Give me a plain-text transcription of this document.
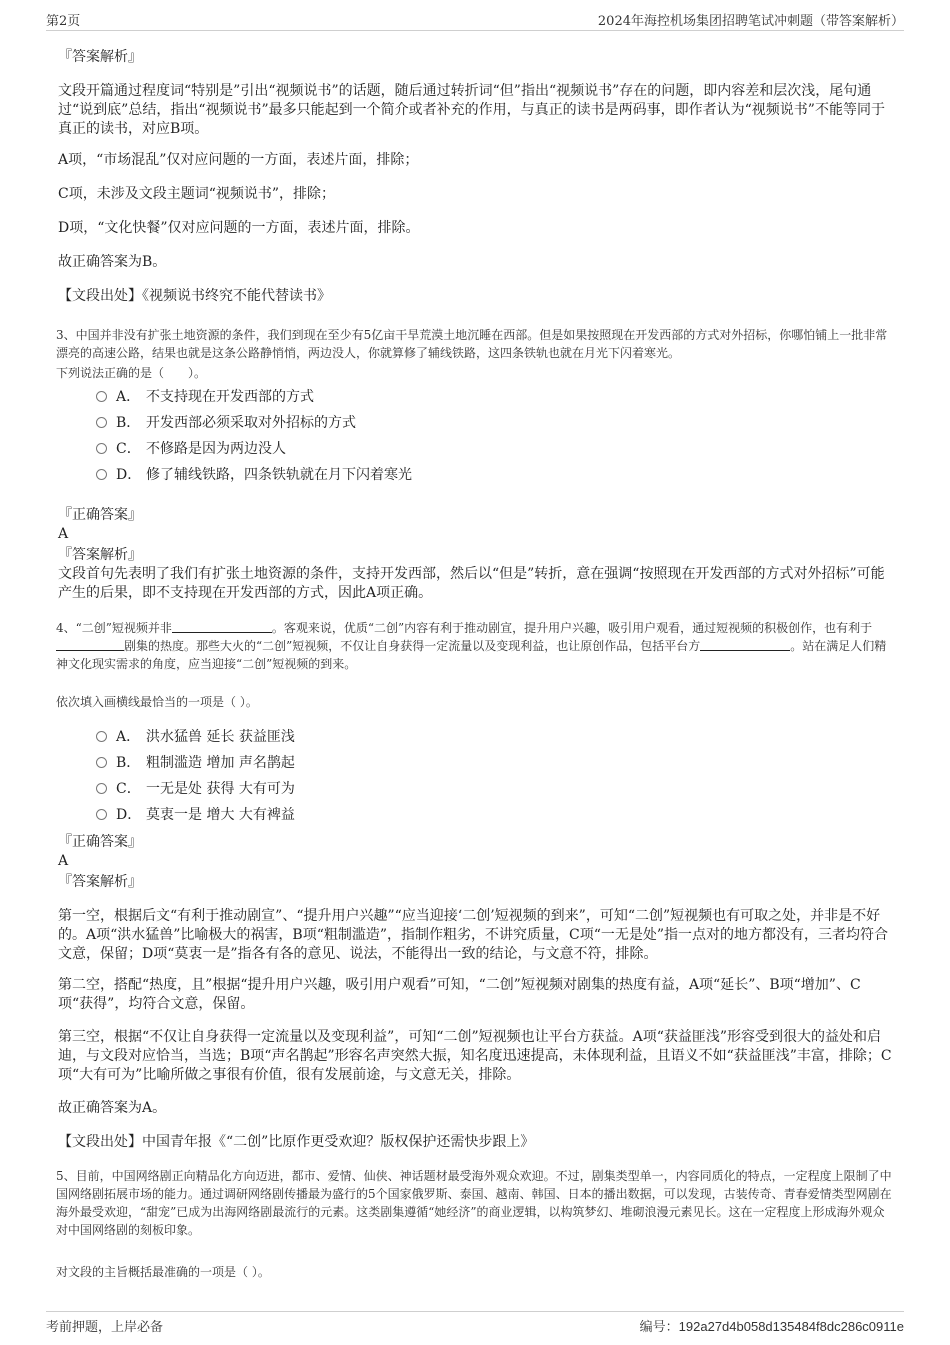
第2页	2024年海控机场集团招聘笔试冲刺题（带答案解析）
『答案解析』
文段开篇通过程度词“特别是”引出“视频说书”的话题，随后通过转折词“但”指出“视频说书”存在的问题，即内容差和层次浅，尾句通过“说到底”总结，指出“视频说书”最多只能起到一个简介或者补充的作用，与真正的读书是两码事，即作者认为“视频说书”不能等同于真正的读书，对应B项。
A项，“市场混乱”仅对应问题的一方面，表述片面，排除；
C项，未涉及文段主题词“视频说书”，排除；
D项，“文化快餐”仅对应问题的一方面，表述片面，排除。
故正确答案为B。
【文段出处】《视频说书终究不能代替读书》
3、中国并非没有扩张土地资源的条件，我们到现在至少有5亿亩干旱荒漠土地沉睡在西部。但是如果按照现在开发西部的方式对外招标，你哪怕铺上一批非常漂亮的高速公路，结果也就是这条公路静悄悄，两边没人，你就算修了辅线铁路，这四条铁轨也就在月光下闪着寒光。
下列说法正确的是（　　）。
A． 不支持现在开发西部的方式
B． 开发西部必须采取对外招标的方式
C． 不修路是因为两边没人
D． 修了辅线铁路，四条铁轨就在月下闪着寒光
『正确答案』
A
『答案解析』
文段首句先表明了我们有扩张土地资源的条件，支持开发西部，然后以“但是”转折，意在强调“按照现在开发西部的方式对外招标”可能产生的后果，即不支持现在开发西部的方式，因此A项正确。
4、“二创”短视频并非	。客观来说，优质“二创”内容有利于推动剧宣，提升用户兴趣，吸引用户观看，通过短视频的积极创作，也有利于剧集的热度。那些大火的“二创”短视频，不仅让自身获得一定流量以及变现利益，也让原创作品，包括平台方	。站在满足人们精神文化现实需求的角度，应当迎接“二创”短视频的到来。
依次填入画横线最恰当的一项是（ ）。
A． 洪水猛兽 延长 获益匪浅
B． 粗制滥造 增加 声名鹊起
C． 一无是处 获得 大有可为
D． 莫衷一是 增大 大有裨益
『正确答案』
A
『答案解析』
第一空，根据后文“有利于推动剧宣”、“提升用户兴趣”“应当迎接‘二创’短视频的到来”，可知“二创”短视频也有可取之处，并非是不好的。A项“洪水猛兽”比喻极大的祸害，B项“粗制滥造”，指制作粗劣，不讲究质量，C项“一无是处”指一点对的地方都没有，三者均符合文意，保留；D项“莫衷一是”指各有各的意见、说法，不能得出一致的结论，与文意不符，排除。
第二空，搭配“热度，且”根据“提升用户兴趣，吸引用户观看”可知，“二创”短视频对剧集的热度有益，A项“延长”、B项“增加”、C项“获得”，均符合文意，保留。
第三空，根据“不仅让自身获得一定流量以及变现利益”，可知“二创”短视频也让平台方获益。A项“获益匪浅”形容受到很大的益处和启迪，与文段对应恰当，当选；B项“声名鹊起”形容名声突然大振，知名度迅速提高，未体现利益，且语义不如“获益匪浅”丰富，排除；C项“大有可为”比喻所做之事很有价值，很有发展前途，与文意无关，排除。
故正确答案为A。
【文段出处】中国青年报《“二创”比原作更受欢迎？版权保护还需快步跟上》
5、目前，中国网络剧正向精品化方向迈进，都市、爱情、仙侠、神话题材最受海外观众欢迎。不过，剧集类型单一，内容同质化的特点，一定程度上限制了中国网络剧拓展市场的能力。通过调研网络剧传播最为盛行的5个国家俄罗斯、泰国、越南、韩国、日本的播出数据，可以发现，古装传奇、青春爱情类型网剧在海外最受欢迎，“甜宠”已成为出海网络剧最流行的元素。这类剧集遵循“她经济”的商业逻辑，以构筑梦幻、堆砌浪漫元素见长。这在一定程度上形成海外观众对中国网络剧的刻板印象。
对文段的主旨概括最准确的一项是（ ）。
考前押题，上岸必备	编号：192a27d4b058d135484f8dc286c0911e
